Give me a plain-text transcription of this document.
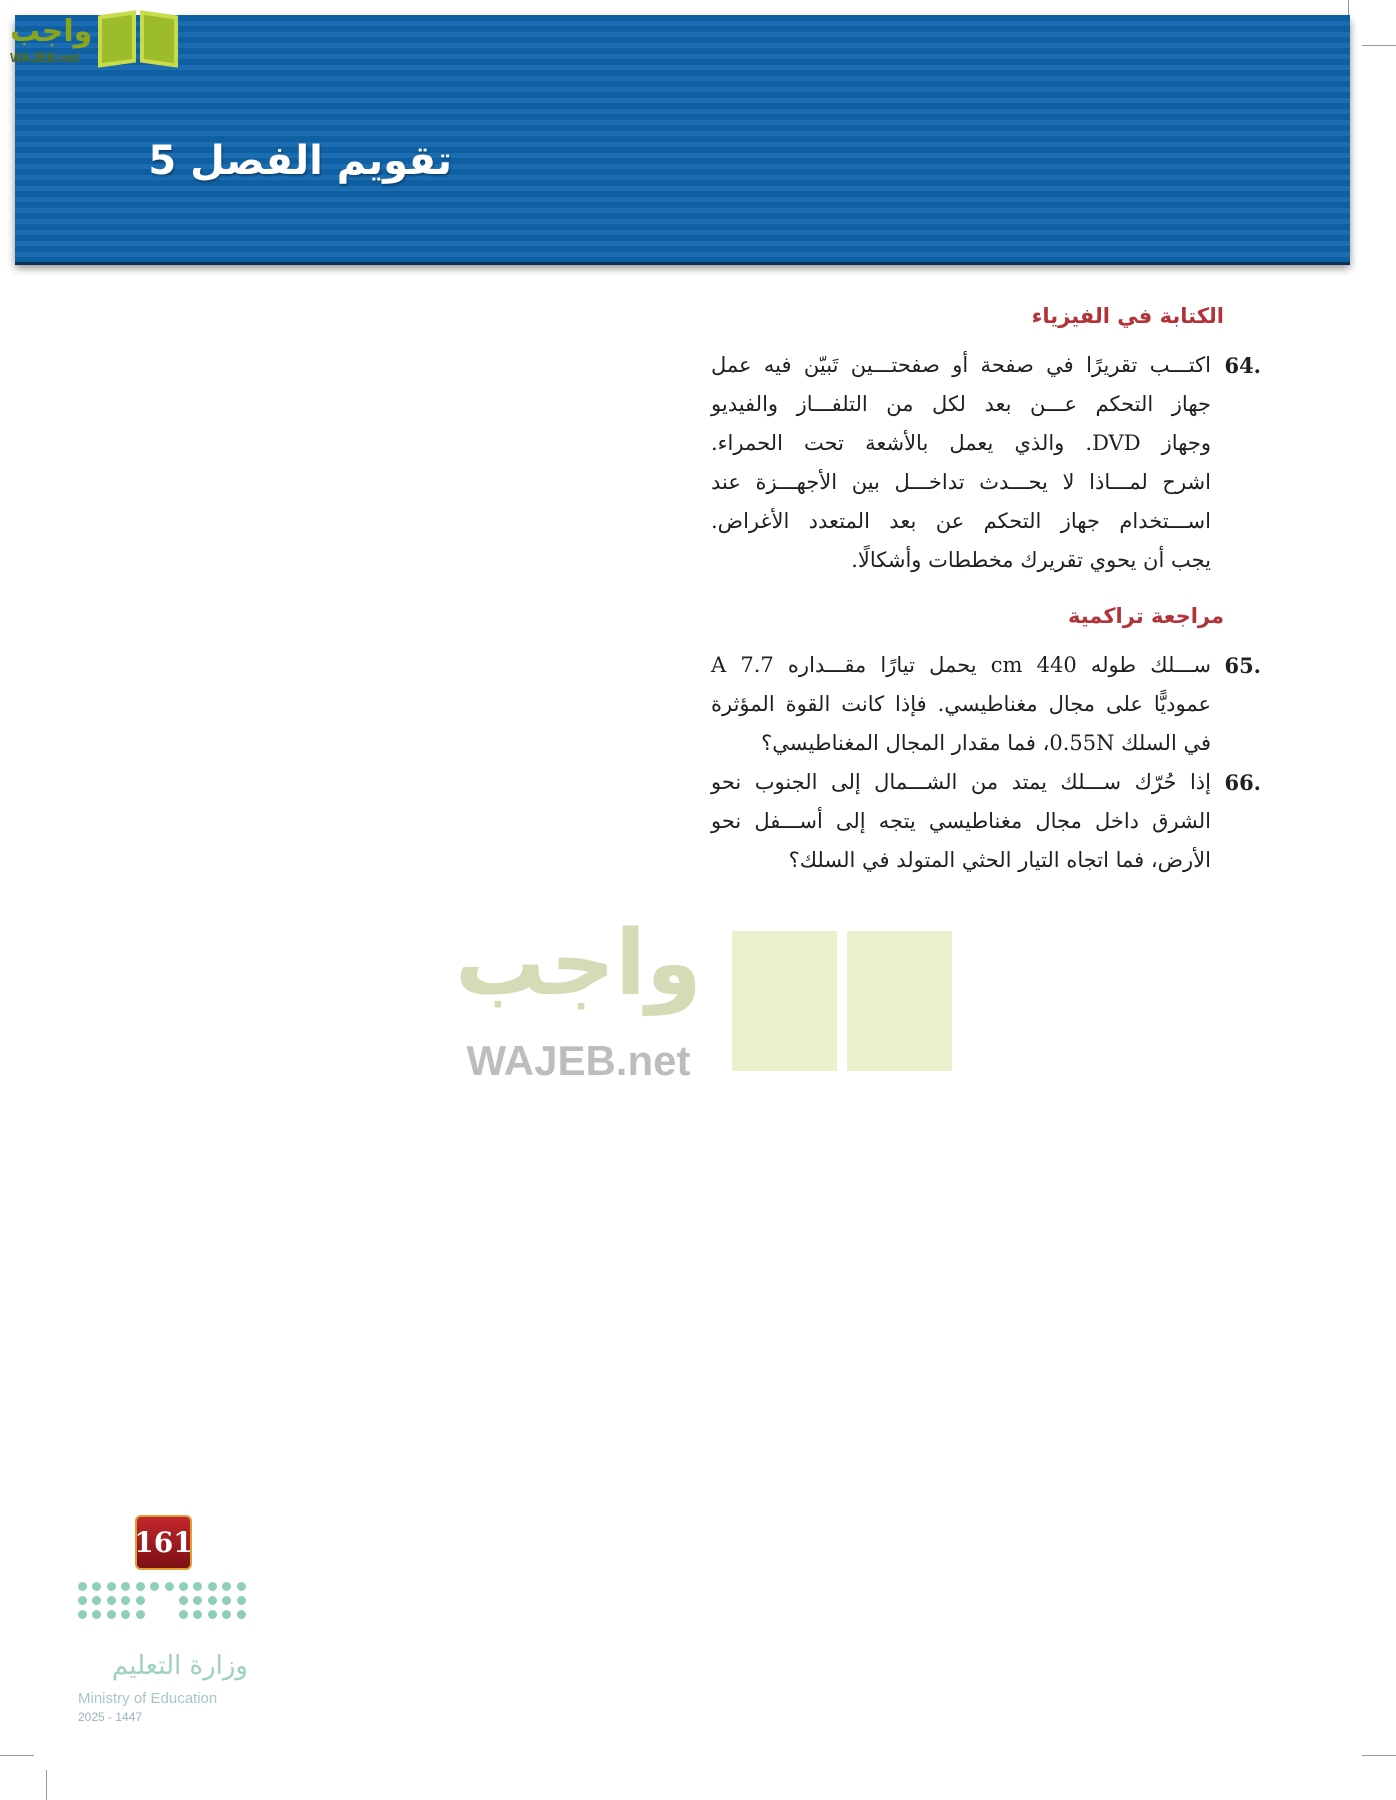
تقويم الفصل 5
واجب
WAJEB.net
واجب
WAJEB.net
الكتابة في الفيزياء
64.
اكتـــب تقريرًا في صفحة أو صفحتـــين تَبيّن فيه عمل
جهاز التحكم عـــن بعد لكل من التلفـــاز والفيديو
وجهاز DVD. والذي يعمل بالأشعة تحت الحمراء.
اشرح لمـــاذا لا يحـــدث تداخـــل بين الأجهـــزة عند
اســـتخدام جهاز التحكم عن بعد المتعدد الأغراض.
يجب أن يحوي تقريرك مخططات وأشكالًا.
مراجعة تراكمية
65.
ســـلك طوله 440 cm يحمل تيارًا مقـــداره 7.7 A
عموديًّا على مجال مغناطيسي. فإذا كانت القوة المؤثرة
في السلك 0.55N، فما مقدار المجال المغناطيسي؟
66.
إذا حُرّك ســـلك يمتد من الشـــمال إلى الجنوب نحو
الشرق داخل مجال مغناطيسي يتجه إلى أســـفل نحو
الأرض، فما اتجاه التيار الحثي المتولد في السلك؟
161
وزارة التعليم
Ministry of Education
2025 - 1447
